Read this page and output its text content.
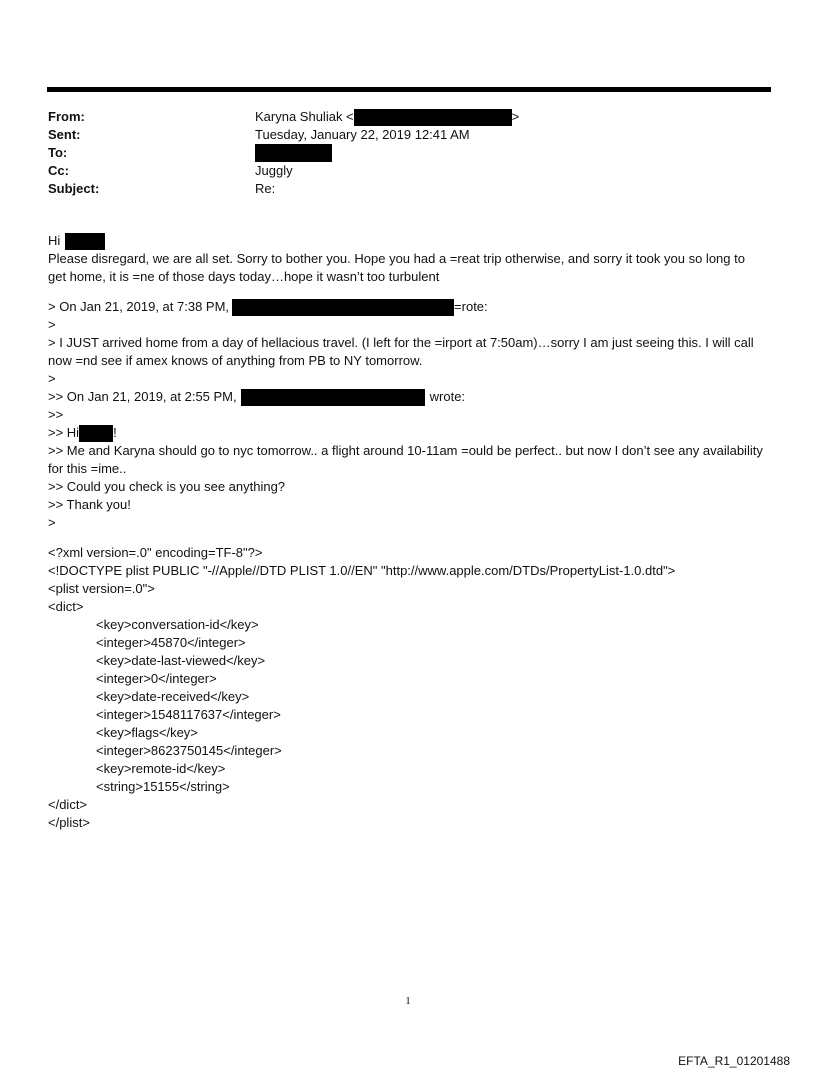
From:	Karyna Shuliak <	>
Sent:	Tuesday, January 22, 2019 12:41 AM
To:
Cc:	Juggly
Subject:	Re:
Hi
Please disregard, we are all set. Sorry to bother you. Hope you had a =reat trip otherwise, and sorry it took you so long to get home, it is =ne of those days today…hope it wasn’t too turbulent
> On Jan 21, 2019, at 7:38 PM,	=rote:
>
> I JUST arrived home from a day of hellacious travel. (I left for the =irport at 7:50am)…sorry I am just seeing this. I will call now =nd see if amex knows of anything from PB to NY tomorrow.
>
>> On Jan 21, 2019, at 2:55 PM,	wrote:
>>
>> Hi	!
>> Me and Karyna should go to nyc tomorrow.. a flight around 10-11am =ould be perfect.. but now I don’t see any availability for this =ime..
>> Could you check is you see anything?
>> Thank you!
>
<?xml version=.0" encoding=TF-8"?>
<!DOCTYPE plist PUBLIC "-//Apple//DTD PLIST 1.0//EN" "http://www.apple.com/DTDs/PropertyList-1.0.dtd">
<plist version=.0">
<dict>
<key>conversation-id</key>
<integer>45870</integer>
<key>date-last-viewed</key>
<integer>0</integer>
<key>date-received</key>
<integer>1548117637</integer>
<key>flags</key>
<integer>8623750145</integer>
<key>remote-id</key>
<string>15155</string>
</dict>
</plist>
1
EFTA_R1_01201488
